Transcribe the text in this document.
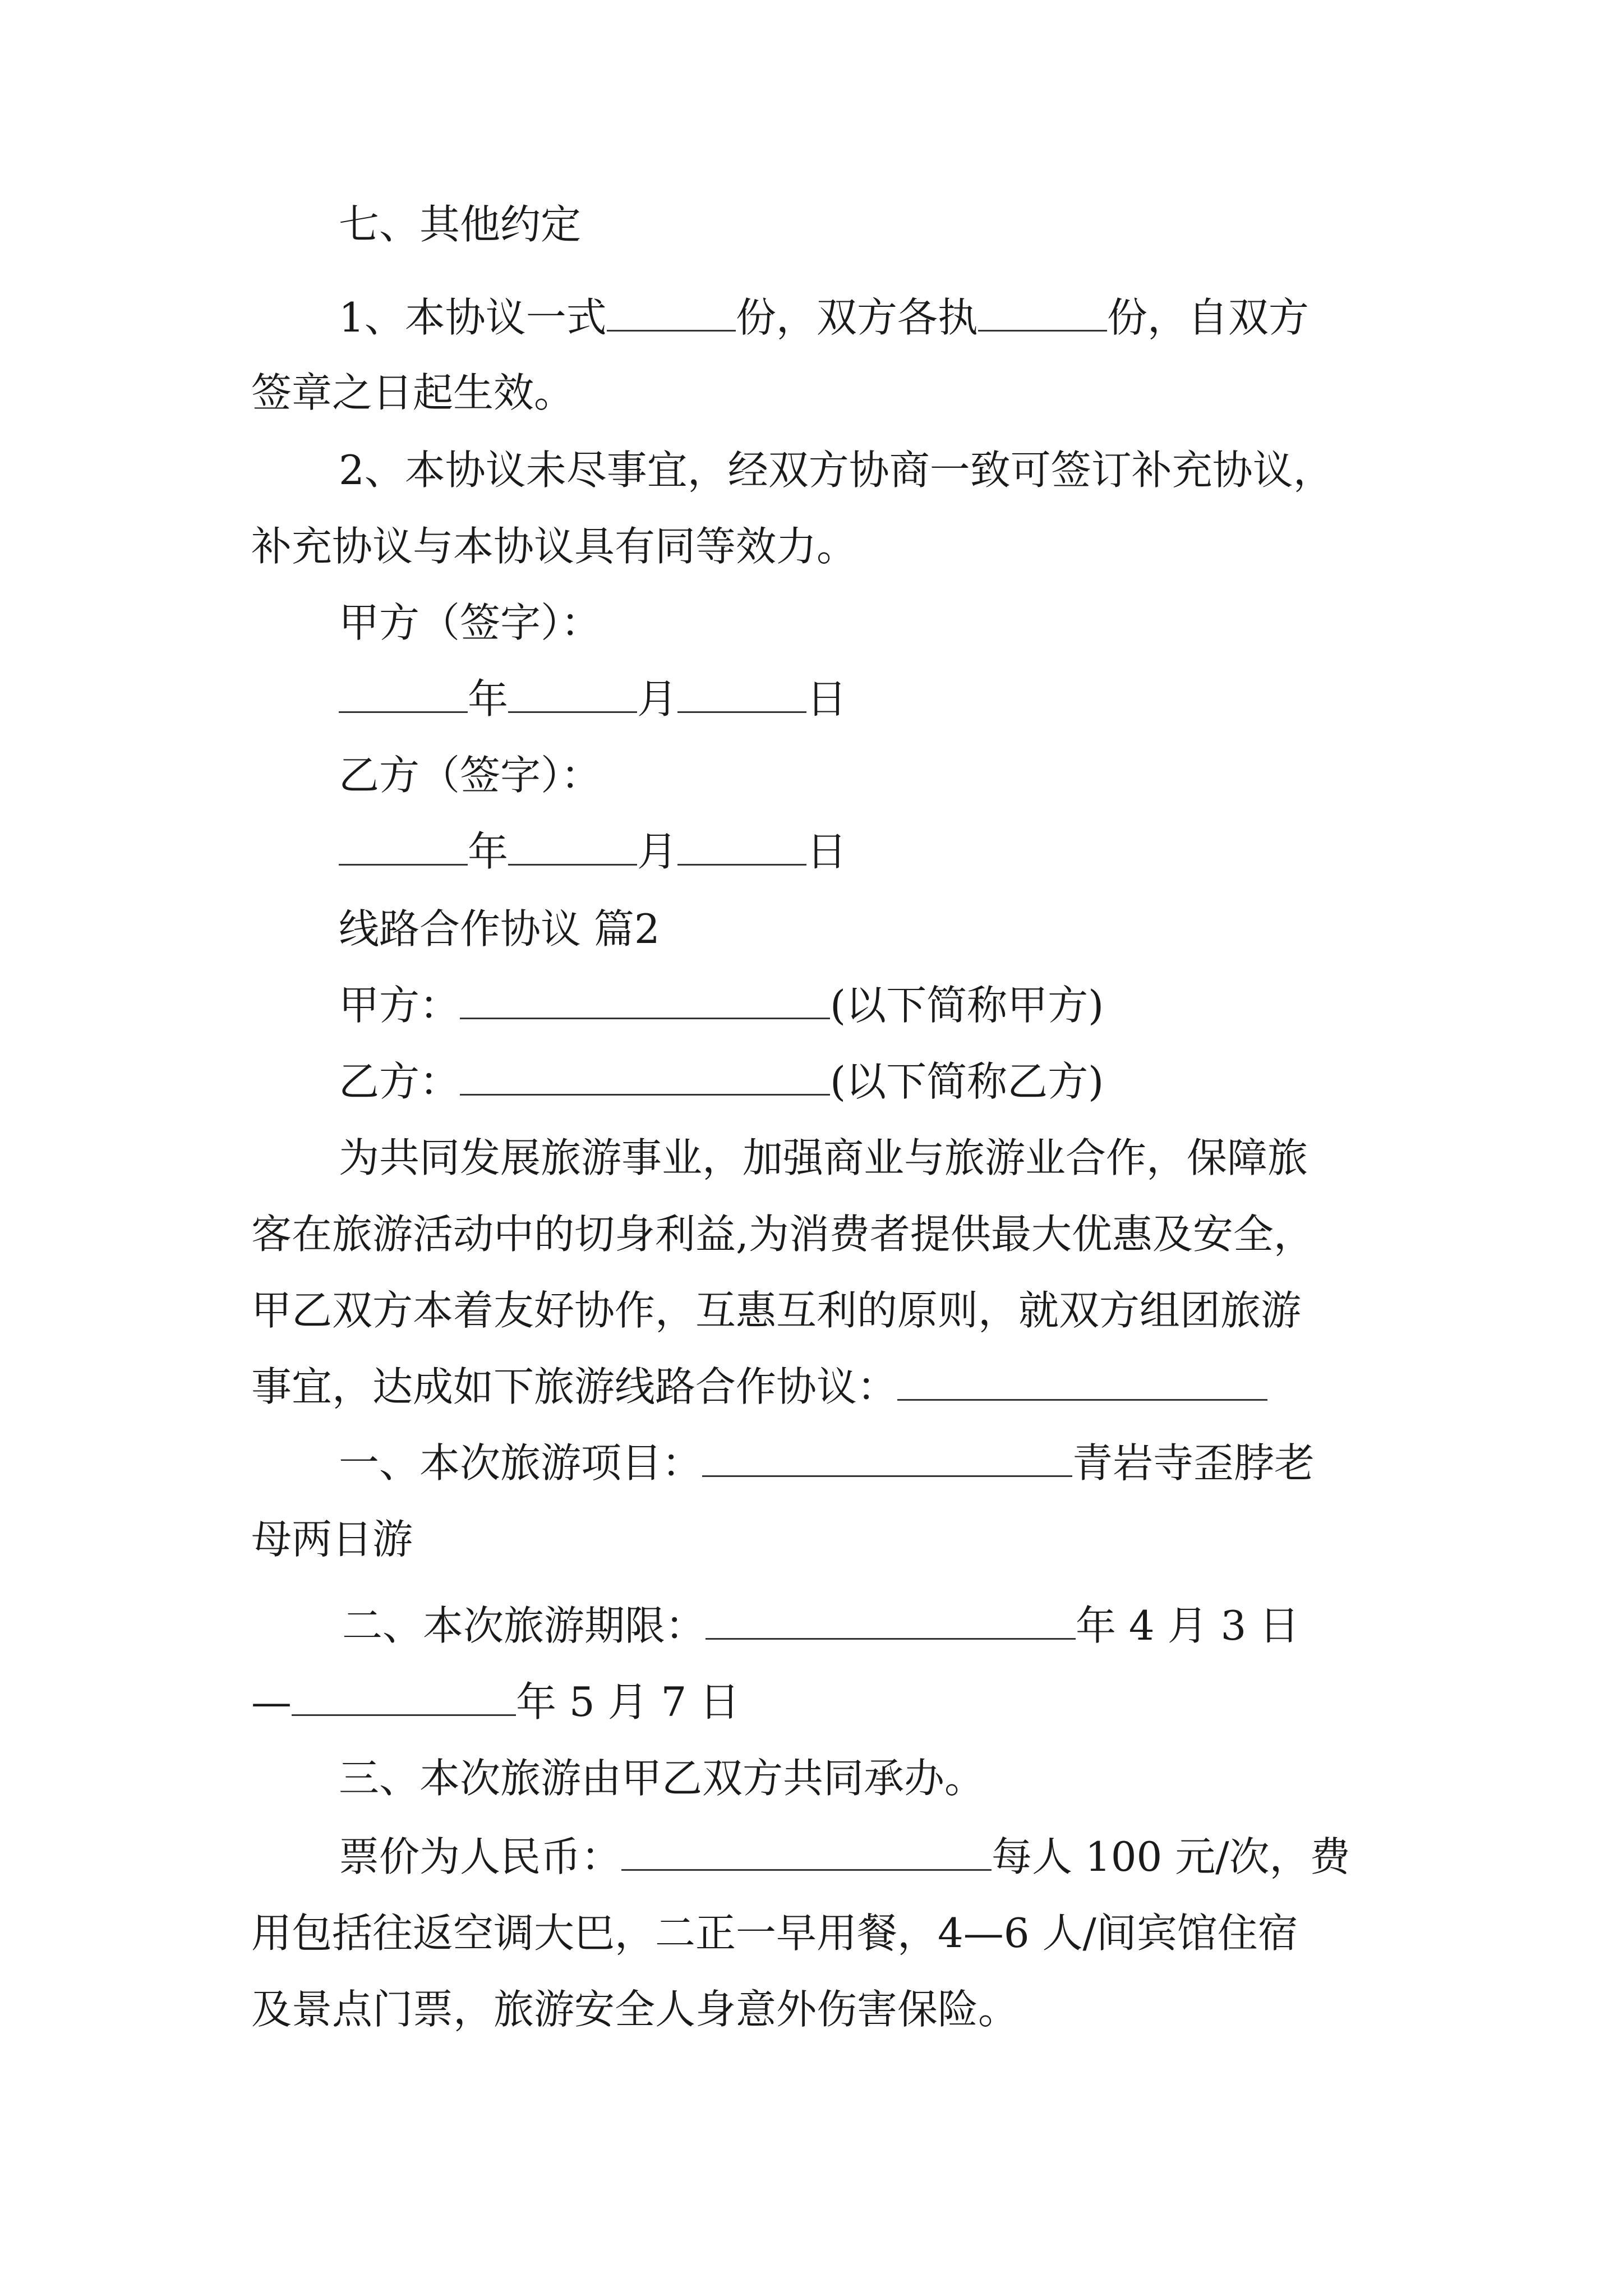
七、其他约定
1、本协议一式	份，双方各执	份，自双方
签章之日起生效。
2、本协议未尽事宜，经双方协商一致可签订补充协议，
补充协议与本协议具有同等效力。
甲方（签字）：
年	月	日
乙方（签字）：
年	月	日
线路合作协议 篇2
甲方：	(以下简称甲方)
乙方：	(以下简称乙方)
为共同发展旅游事业，加强商业与旅游业合作，保障旅
客在旅游活动中的切身利益,为消费者提供最大优惠及安全，
甲乙双方本着友好协作，互惠互利的原则，就双方组团旅游
事宜，达成如下旅游线路合作协议：
一、本次旅游项目：	青岩寺歪脖老
母两日游
二、本次旅游期限：	年 4 月 3 日
—	年 5 月 7 日
三、本次旅游由甲乙双方共同承办。
票价为人民币：	每人 100 元/次，费
用包括往返空调大巴，二正一早用餐，4—6 人/间宾馆住宿
及景点门票，旅游安全人身意外伤害保险。
